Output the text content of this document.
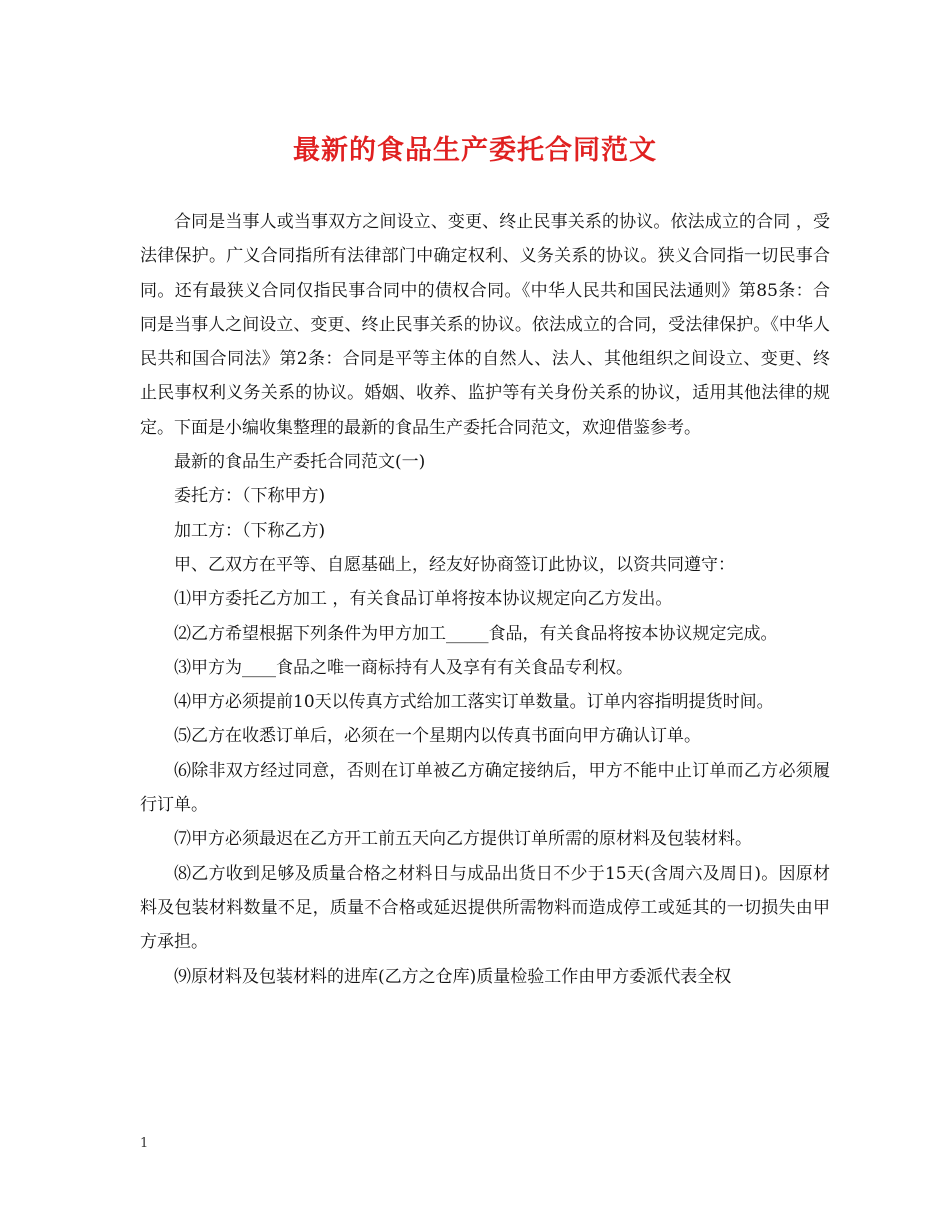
最新的食品生产委托合同范文

合同是当事人或当事双方之间设立、变更、终止民事关系的协议。依法成立的合同 ，受法律保护。广义合同指所有法律部门中确定权利、义务关系的协议。狭义合同指一切民事合同。还有最狭义合同仅指民事合同中的债权合同。《中华人民共和国民法通则》第85条：合同是当事人之间设立、变更、终止民事关系的协议。依法成立的合同，受法律保护。《中华人民共和国合同法》第2条：合同是平等主体的自然人、法人、其他组织之间设立、变更、终止民事权利义务关系的协议。婚姻、收养、监护等有关身份关系的协议，适用其他法律的规定。下面是小编收集整理的最新的食品生产委托合同范文，欢迎借鉴参考。

最新的食品生产委托合同范文(一)

委托方：（下称甲方)

加工方：（下称乙方)

甲、乙双方在平等、自愿基础上，经友好协商签订此协议，以资共同遵守：

⑴甲方委托乙方加工 ，有关食品订单将按本协议规定向乙方发出。

⑵乙方希望根据下列条件为甲方加工_____食品，有关食品将按本协议规定完成。

⑶甲方为____食品之唯一商标持有人及享有有关食品专利权。

⑷甲方必须提前10天以传真方式给加工落实订单数量。订单内容指明提货时间。

⑸乙方在收悉订单后，必须在一个星期内以传真书面向甲方确认订单。

⑹除非双方经过同意，否则在订单被乙方确定接纳后，甲方不能中止订单而乙方必须履行订单。

⑺甲方必须最迟在乙方开工前五天向乙方提供订单所需的原材料及包装材料。

⑻乙方收到足够及质量合格之材料日与成品出货日不少于15天(含周六及周日)。因原材料及包装材料数量不足，质量不合格或延迟提供所需物料而造成停工或延其的一切损失由甲方承担。

⑼原材料及包装材料的进库(乙方之仓库)质量检验工作由甲方委派代表全权

1
